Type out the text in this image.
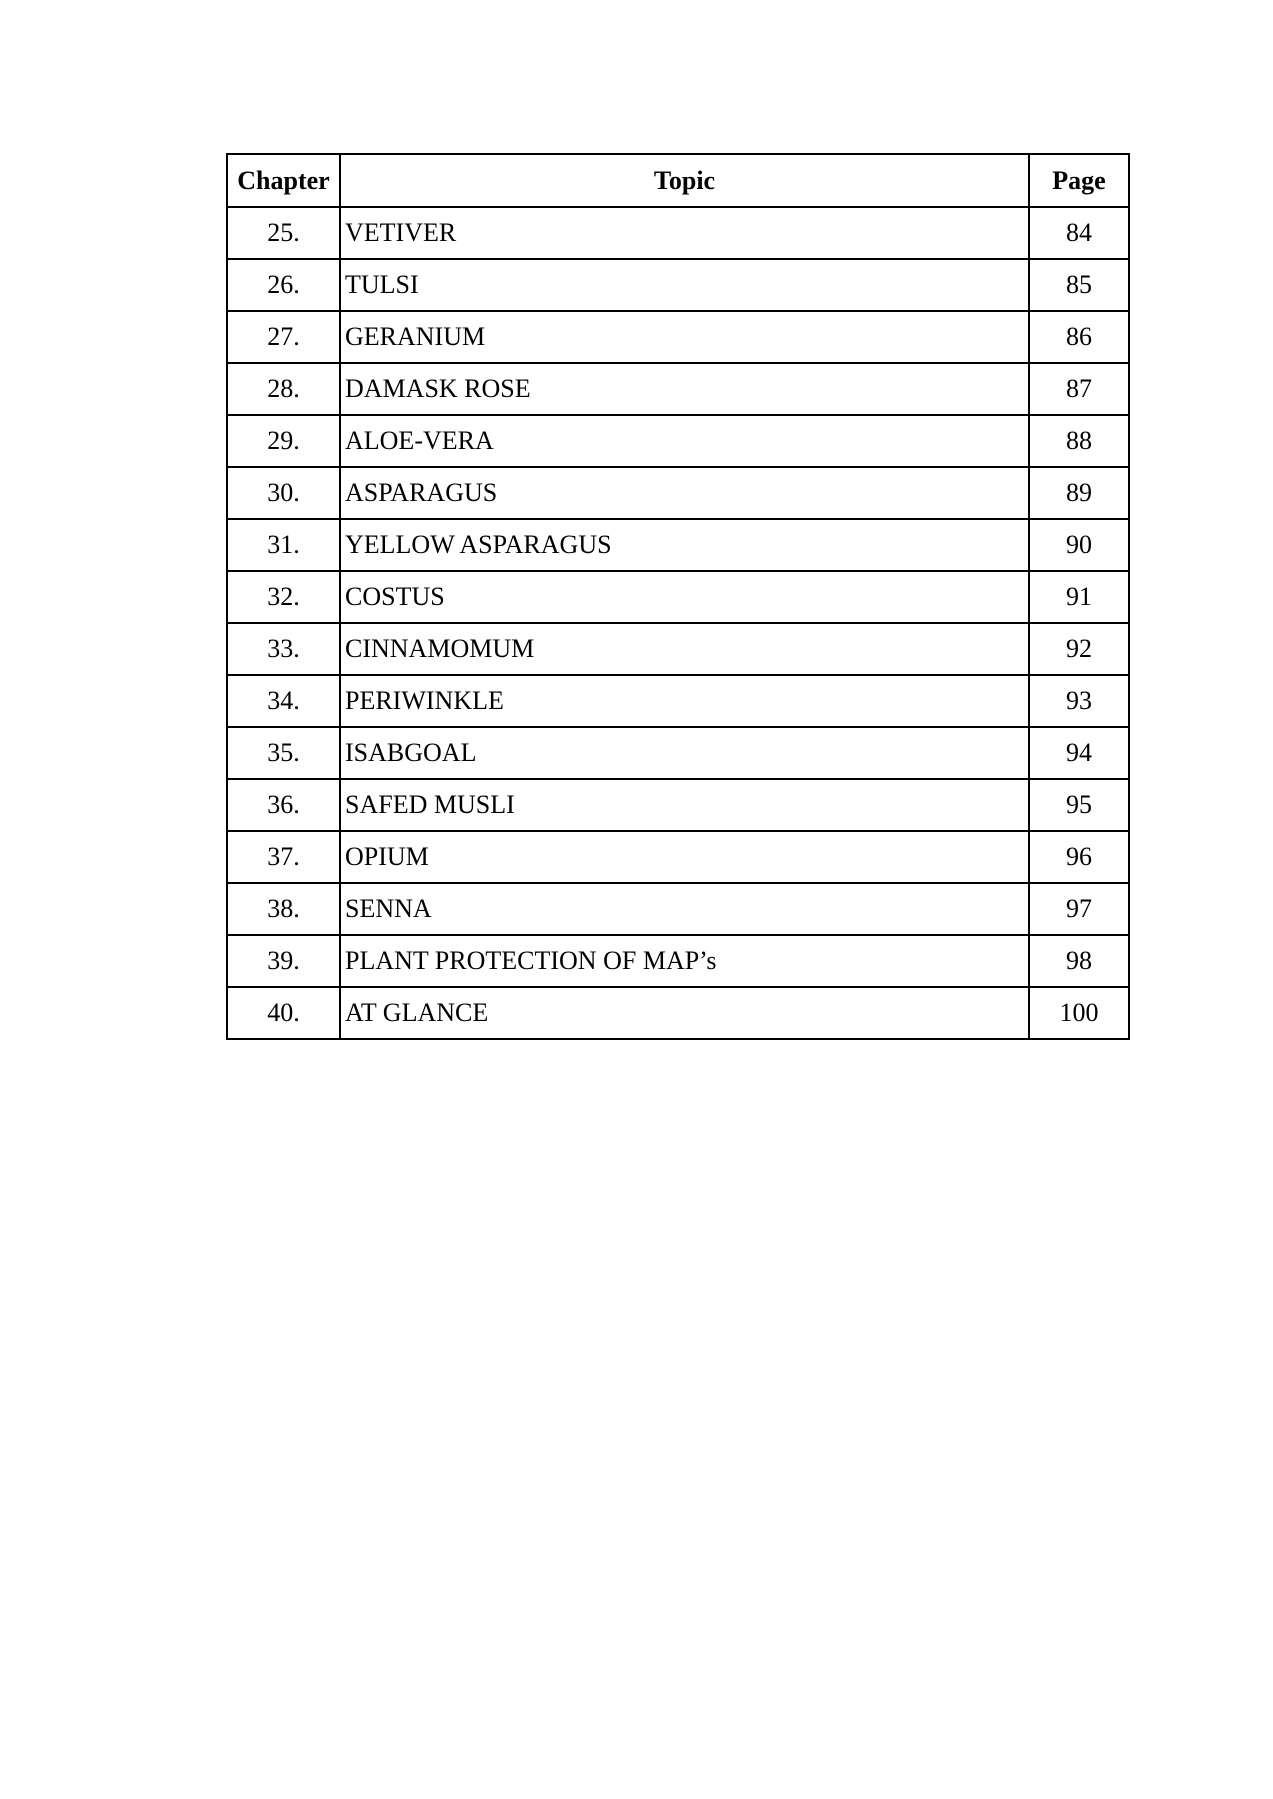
Chapter	Topic	Page
25.	VETIVER	84
26.	TULSI	85
27.	GERANIUM	86
28.	DAMASK ROSE	87
29.	ALOE-VERA	88
30.	ASPARAGUS	89
31.	YELLOW ASPARAGUS	90
32.	COSTUS	91
33.	CINNAMOMUM	92
34.	PERIWINKLE	93
35.	ISABGOAL	94
36.	SAFED MUSLI	95
37.	OPIUM	96
38.	SENNA	97
39.	PLANT PROTECTION OF MAP’s	98
40.	AT GLANCE	100
